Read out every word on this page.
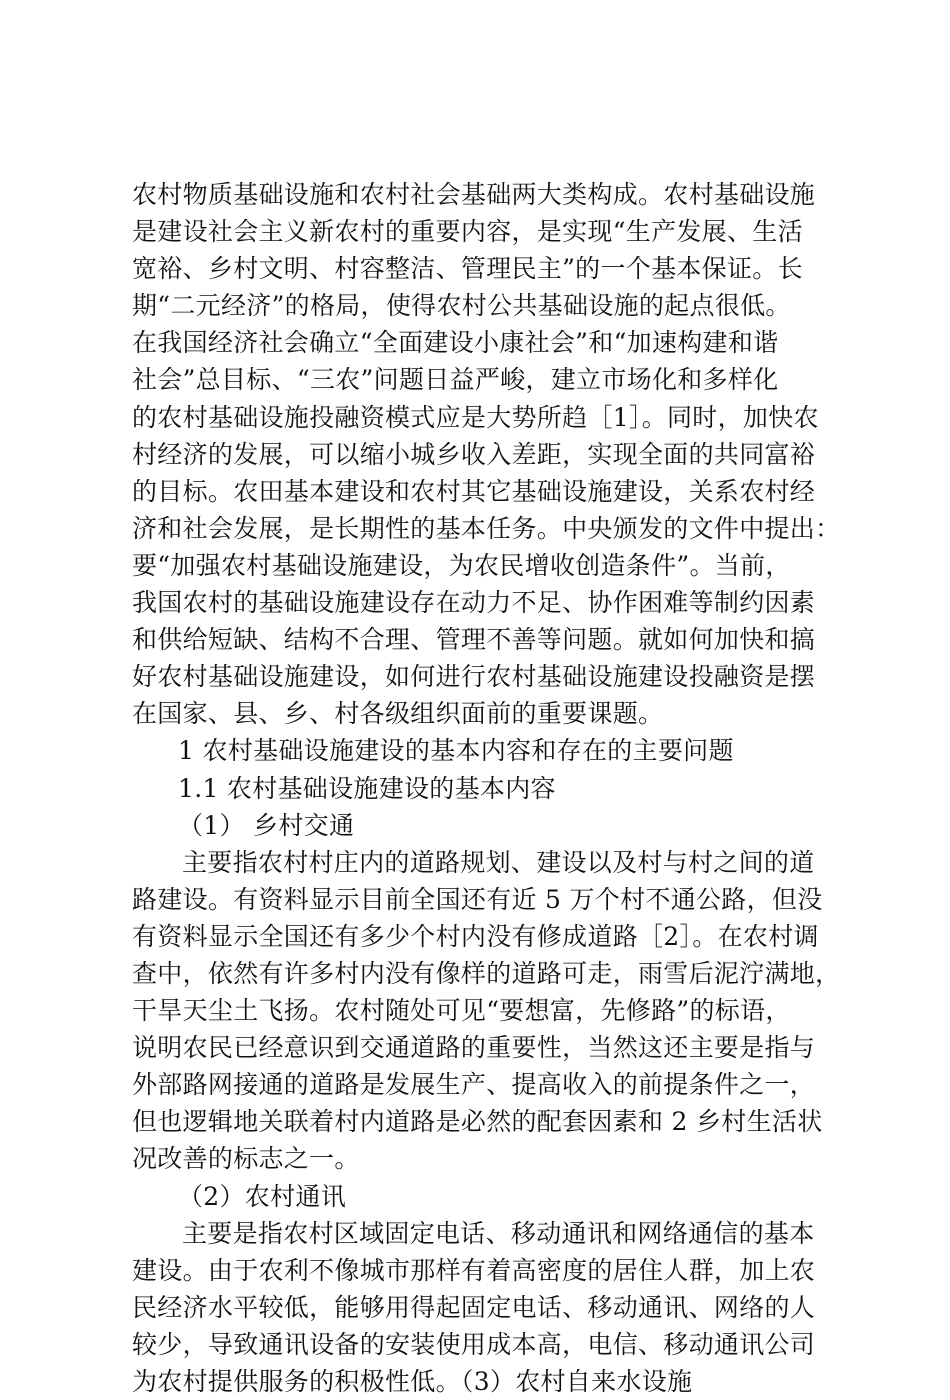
农村物质基础设施和农村社会基础两大类构成。农村基础设施
是建设社会主义新农村的重要内容，是实现“生产发展、生活
宽裕、乡村文明、村容整洁、管理民主”的一个基本保证。长
期“二元经济”的格局，使得农村公共基础设施的起点很低。
在我国经济社会确立“全面建设小康社会”和“加速构建和谐
社会”总目标、“三农”问题日益严峻，建立市场化和多样化
的农村基础设施投融资模式应是大势所趋［1］。同时，加快农
村经济的发展，可以缩小城乡收入差距，实现全面的共同富裕
的目标。农田基本建设和农村其它基础设施建设，关系农村经
济和社会发展，是长期性的基本任务。中央颁发的文件中提出：
要“加强农村基础设施建设，为农民增收创造条件”。当前，
我国农村的基础设施建设存在动力不足、协作困难等制约因素
和供给短缺、结构不合理、管理不善等问题。就如何加快和搞
好农村基础设施建设，如何进行农村基础设施建设投融资是摆
在国家、县、乡、村各级组织面前的重要课题。
1 农村基础设施建设的基本内容和存在的主要问题
1.1 农村基础设施建设的基本内容
（1） 乡村交通
主要指农村村庄内的道路规划、建设以及村与村之间的道
路建设。有资料显示目前全国还有近 5 万个村不通公路，但没
有资料显示全国还有多少个村内没有修成道路［2］。在农村调
查中，依然有许多村内没有像样的道路可走，雨雪后泥泞满地，
干旱天尘土飞扬。农村随处可见“要想富，先修路”的标语，
说明农民已经意识到交通道路的重要性，当然这还主要是指与
外部路网接通的道路是发展生产、提高收入的前提条件之一，
但也逻辑地关联着村内道路是必然的配套因素和 2 乡村生活状
况改善的标志之一。
（2）农村通讯
主要是指农村区域固定电话、移动通讯和网络通信的基本
建设。由于农利不像城市那样有着高密度的居住人群，加上农
民经济水平较低，能够用得起固定电话、移动通讯、网络的人
较少，导致通讯设备的安装使用成本高，电信、移动通讯公司
为农村提供服务的积极性低。（3）农村自来水设施
